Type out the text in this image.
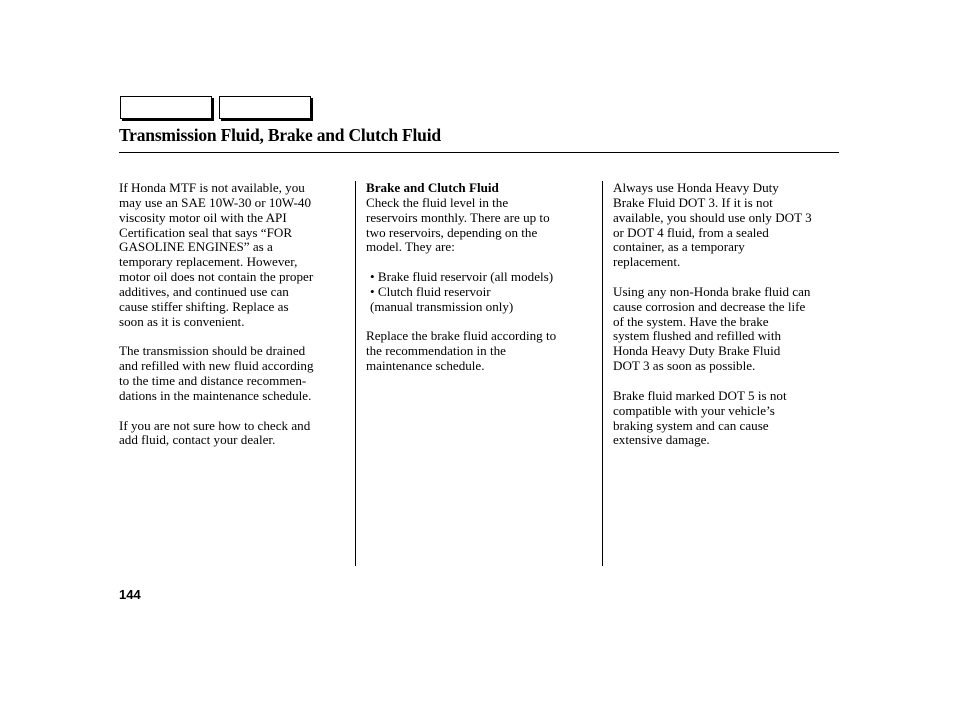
Transmission Fluid, Brake and Clutch Fluid

If Honda MTF is not available, you
may use an SAE 10W-30 or 10W-40
viscosity motor oil with the API
Certification seal that says “FOR
GASOLINE ENGINES” as a
temporary replacement. However,
motor oil does not contain the proper
additives, and continued use can
cause stiffer shifting. Replace as
soon as it is convenient.

The transmission should be drained
and refilled with new fluid according
to the time and distance recommen-
dations in the maintenance schedule.

If you are not sure how to check and
add fluid, contact your dealer.

Brake and Clutch Fluid
Check the fluid level in the
reservoirs monthly. There are up to
two reservoirs, depending on the
model. They are:

• Brake fluid reservoir (all models)
• Clutch fluid reservoir
(manual transmission only)

Replace the brake fluid according to
the recommendation in the
maintenance schedule.

Always use Honda Heavy Duty
Brake Fluid DOT 3. If it is not
available, you should use only DOT 3
or DOT 4 fluid, from a sealed
container, as a temporary
replacement.

Using any non-Honda brake fluid can
cause corrosion and decrease the life
of the system. Have the brake
system flushed and refilled with
Honda Heavy Duty Brake Fluid
DOT 3 as soon as possible.

Brake fluid marked DOT 5 is not
compatible with your vehicle’s
braking system and can cause
extensive damage.

144
